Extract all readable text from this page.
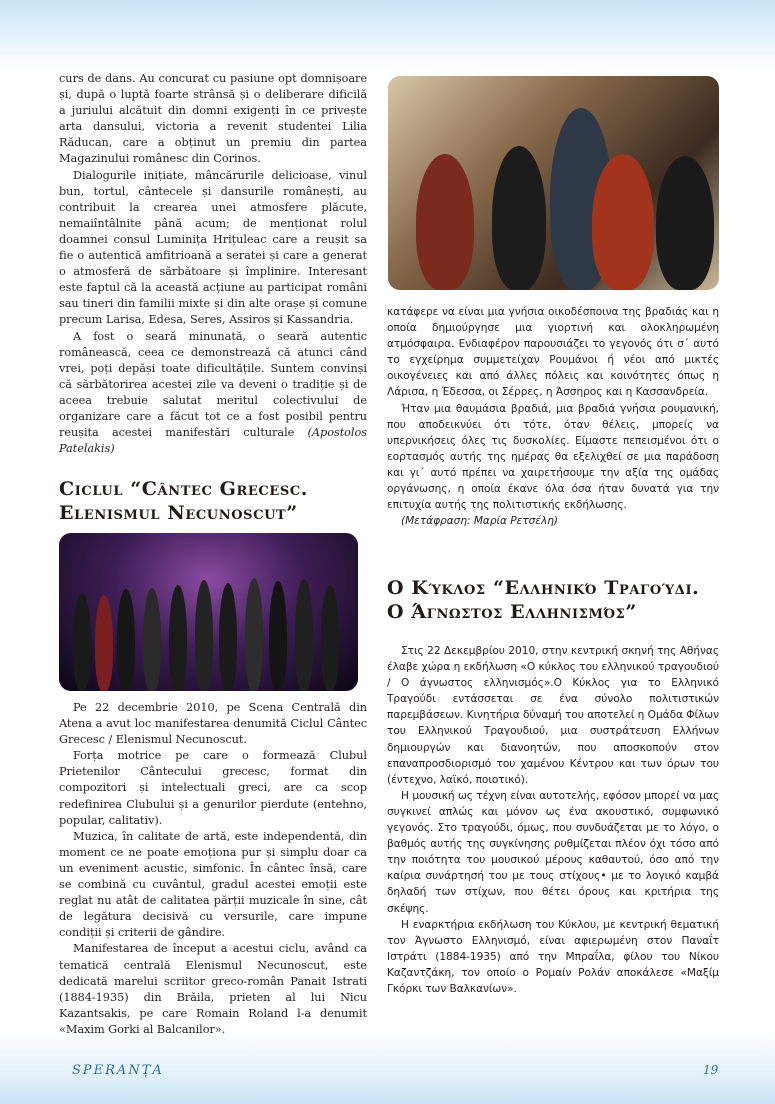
curs de dans. Au concurat cu pasiune opt domnișoare și, după o luptă foarte strânsă și o deliberare dificilă a juriului alcătuit din domni exigenți în ce privește arta dansului, victoria a revenit studentei Lilia Răducan, care a obținut un premiu din partea Magazinului românesc din Corinos.

Dialogurile inițiate, mâncărurile delicioase, vinul bun, tortul, cântecele și dansurile românești, au contribuit la crearea unei atmosfere plăcute, nemaiîntâlnite până acum; de menționat rolul doamnei consul Luminița Hrițuleac care a reușit sa fie o autentică amfitrioană a seratei și care a generat o atmosferă de sărbătoare și împlinire. Interesant este faptul că la această acțiune au participat români sau tineri din familii mixte și din alte orașe și comune precum Larisa, Edesa, Seres, Assiros și Kassandria.

A fost o seară minunată, o seară autentic românească, ceea ce demonstrează că atunci când vrei, poți depăși toate dificultățile. Suntem convinși că sărbătorirea acestei zile va deveni o tradiție și de aceea trebuie salutat meritul colectivului de organizare care a făcut tot ce a fost posibil pentru reușita acestei manifestări culturale (Apostolos Patelakis)

Ciclul “Cântec Grecesc.
Elenismul Necunoscut”

Pe 22 decembrie 2010, pe Scena Centrală din Atena a avut loc manifestarea denumită Ciclul Cântec Grecesc / Elenismul Necunoscut.

Forța motrice pe care o formează Clubul Prietenilor Cântecului grecesc, format din compozitori și intelectuali greci, are ca scop redefinirea Clubului și a genurilor pierdute (entehno, popular, calitativ).

Muzica, în calitate de artă, este independentă, din moment ce ne poate emoționa pur și simplu doar ca un eveniment acustic, simfonic. În cântec însă, care se combină cu cuvântul, gradul acestei emoții este reglat nu atât de calitatea părții muzicale în sine, cât de legătura decisivă cu versurile, care impune condiții și criterii de gândire.

Manifestarea de început a acestui ciclu, având ca tematică centrală Elenismul Necunoscut, este dedicată marelui scriitor greco-român Panait Istrati (1884-1935) din Brăila, prieten al lui Nicu Kazantsakis, pe care Romain Roland l-a denumit «Maxim Gorki al Balcanilor».

κατάφερε να είναι μια γνήσια οικοδέσποινα της βραδιάς και η οποία δημιούργησε μια γιορτινή και ολοκληρωμένη ατμόσφαιρα. Ενδιαφέρον παρουσιάζει το γεγονός ότι σ΄ αυτό το εγχείρημα συμμετείχαν Ρουμάνοι ή νέοι από μικτές οικογένειες και από άλλες πόλεις και κοινότητες όπως η Λάρισα, η Έδεσσα, οι Σέρρες, η Άσσηρος και η Κασσανδρεία.

Ήταν μια θαυμάσια βραδιά, μια βραδιά γνήσια ρουμανική, που αποδεικνύει ότι τότε, όταν θέλεις, μπορείς να υπερνικήσεις όλες τις δυσκολίες. Είμαστε πεπεισμένοι ότι ο εορτασμός αυτής της ημέρας θα εξελιχθεί σε μια παράδοση και γι΄ αυτό πρέπει να χαιρετήσουμε την αξία της ομάδας οργάνωσης, η οποία έκανε όλα όσα ήταν δυνατά για την επιτυχία αυτής της πολιτιστικής εκδήλωσης.

(Μετάφραση: Μαρία Ρετσέλη)

Ο Κύκλος “Ελληνικό Τραγούδι.
Ο Άγνωστος Ελληνισμός”

Στις 22 Δεκεμβρίου 2010, στην κεντρική σκηνή της Αθήνας έλαβε χώρα η εκδήλωση «Ο κύκλος του ελληνικού τραγουδιού / Ο άγνωστος ελληνισμός».Ο Κύκλος για το Ελληνικό Τραγούδι εντάσσεται σε ένα σύνολο πολιτιστικών παρεμβάσεων. Κινητήρια δύναμή του αποτελεί η Ομάδα Φίλων του Ελληνικού Τραγουδιού, μια συστράτευση Ελλήνων δημιουργών και διανοητών, που αποσκοπούν στον επαναπροσδιορισμό του χαμένου Κέντρου και των όρων του (έντεχνο, λαϊκό, ποιοτικό).

Η μουσική ως τέχνη είναι αυτοτελής, εφόσον μπορεί να μας συγκινεί απλώς και μόνον ως ένα ακουστικό, συμφωνικό γεγονός. Στο τραγούδι, όμως, που συνδυάζεται με το λόγο, ο βαθμός αυτής της συγκίνησης ρυθμίζεται πλέον όχι τόσο από την ποιότητα του μουσικού μέρους καθαυτού, όσο από την καίρια συνάρτησή του με τους στίχους• με το λογικό καμβά δηλαδή των στίχων, που θέτει όρους και κριτήρια της σκέψης.

Η εναρκτήρια εκδήλωση του Κύκλου, με κεντρική θεματική τον Άγνωστο Ελληνισμό, είναι αφιερωμένη στον Παναΐτ Ιστράτι (1884-1935) από την Μπραΐλα, φίλου του Νίκου Καζαντζάκη, τον οποίο ο Ρομαίν Ρολάν αποκάλεσε «Μαξίμ Γκόρκι των Βαλκανίων».

SPERANȚA	19
